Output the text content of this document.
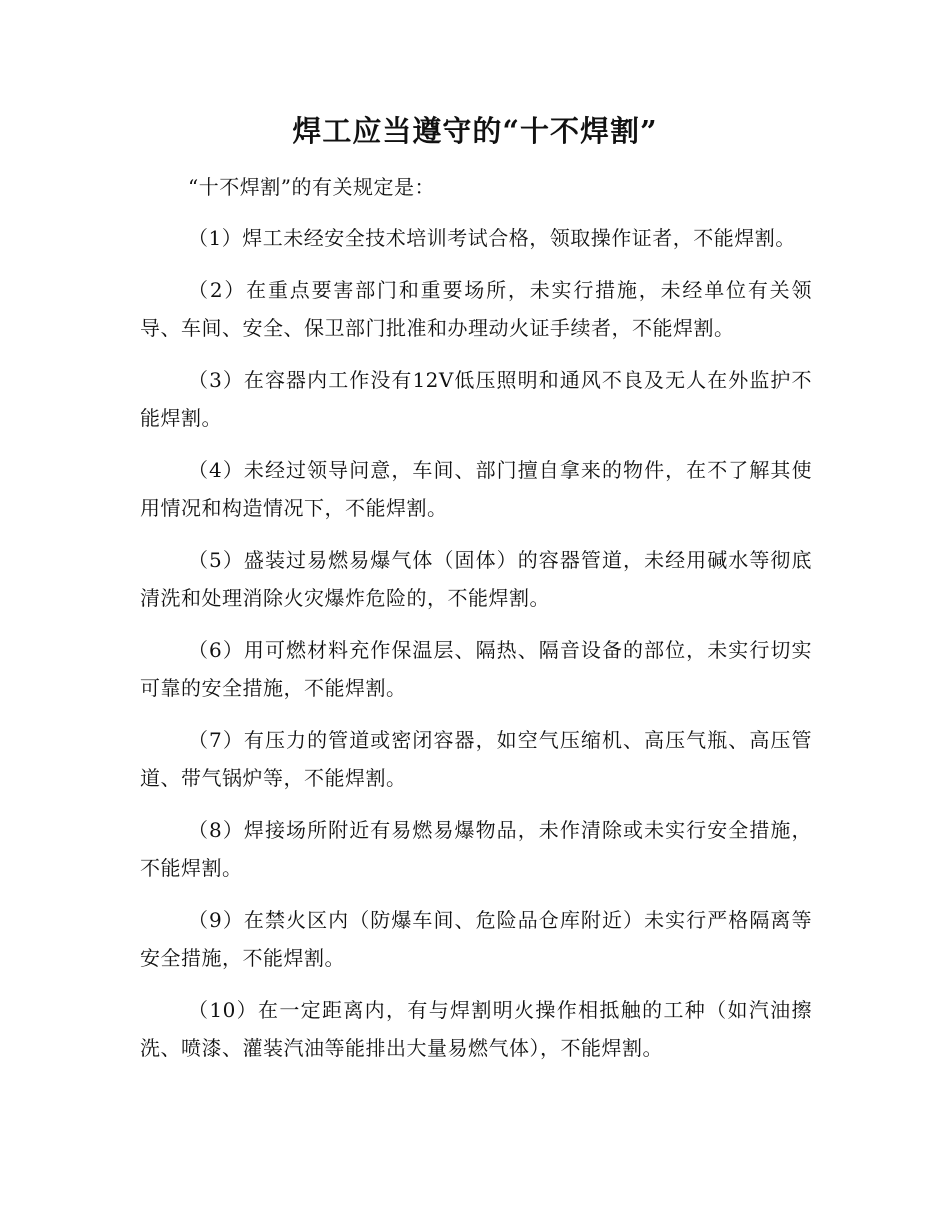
焊工应当遵守的“十不焊割”

“十不焊割”的有关规定是：

（1）焊工未经安全技术培训考试合格，领取操作证者，不能焊割。

（2）在重点要害部门和重要场所，未实行措施，未经单位有关领导、车间、安全、保卫部门批准和办理动火证手续者，不能焊割。

（3）在容器内工作没有12V低压照明和通风不良及无人在外监护不能焊割。

（4）未经过领导问意，车间、部门擅自拿来的物件，在不了解其使用情况和构造情况下，不能焊割。

（5）盛装过易燃易爆气体（固体）的容器管道，未经用碱水等彻底清洗和处理消除火灾爆炸危险的，不能焊割。

（6）用可燃材料充作保温层、隔热、隔音设备的部位，未实行切实可靠的安全措施，不能焊割。

（7）有压力的管道或密闭容器，如空气压缩机、高压气瓶、高压管道、带气锅炉等，不能焊割。

（8）焊接场所附近有易燃易爆物品，未作清除或未实行安全措施，不能焊割。

（9）在禁火区内（防爆车间、危险品仓库附近）未实行严格隔离等安全措施，不能焊割。

（10）在一定距离内，有与焊割明火操作相抵触的工种（如汽油擦洗、喷漆、灌装汽油等能排出大量易燃气体），不能焊割。
